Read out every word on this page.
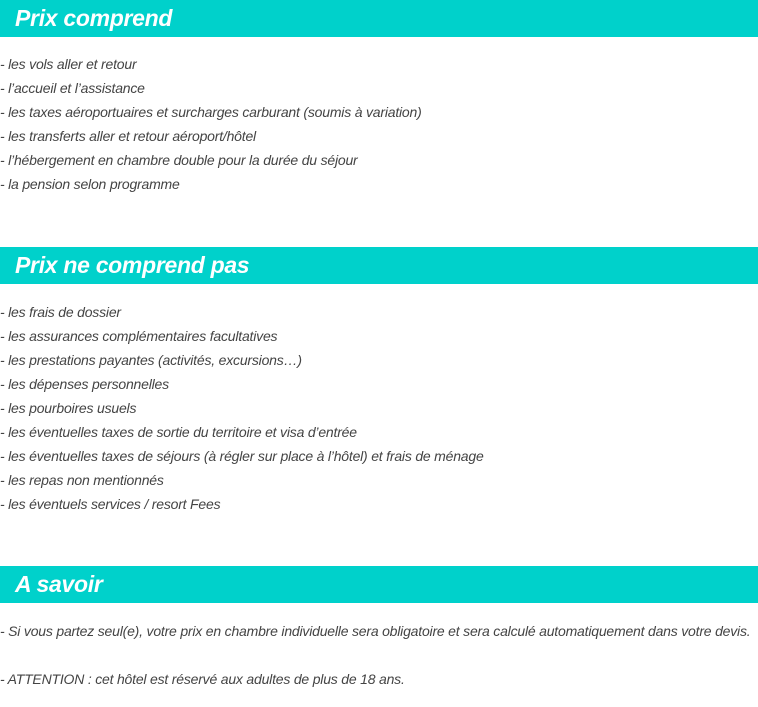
Prix comprend
- les vols aller et retour
- l’accueil et l’assistance
- les taxes aéroportuaires et surcharges carburant (soumis à variation)
- les transferts aller et retour aéroport/hôtel
- l’hébergement en chambre double pour la durée du séjour
- la pension selon programme
Prix ne comprend pas
- les frais de dossier
- les assurances complémentaires facultatives
- les prestations payantes (activités, excursions…)
- les dépenses personnelles
- les pourboires usuels
- les éventuelles taxes de sortie du territoire et visa d’entrée
- les éventuelles taxes de séjours (à régler sur place à l’hôtel) et frais de ménage
- les repas non mentionnés
- les éventuels services / resort Fees
A savoir

- Si vous partez seul(e), votre prix en chambre individuelle sera obligatoire et sera calculé automatiquement dans votre devis.

- ATTENTION : cet hôtel est réservé aux adultes de plus de 18 ans.
